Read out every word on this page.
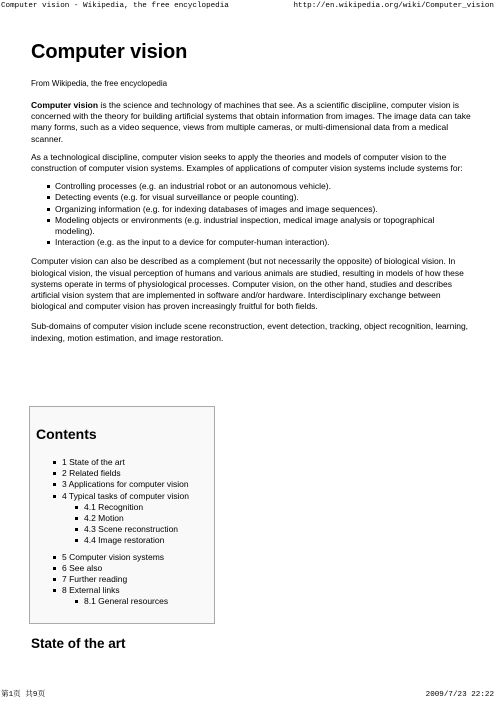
Computer vision - Wikipedia, the free encyclopedia	http://en.wikipedia.org/wiki/Computer_vision
Computer vision
From Wikipedia, the free encyclopedia

Computer vision is the science and technology of machines that see. As a scientific discipline, computer vision is concerned with the theory for building artificial systems that obtain information from images. The image data can take many forms, such as a video sequence, views from multiple cameras, or multi-dimensional data from a medical scanner.

As a technological discipline, computer vision seeks to apply the theories and models of computer vision to the construction of computer vision systems. Examples of applications of computer vision systems include systems for:

Controlling processes (e.g. an industrial robot or an autonomous vehicle).
Detecting events (e.g. for visual surveillance or people counting).
Organizing information (e.g. for indexing databases of images and image sequences).
Modeling objects or environments (e.g. industrial inspection, medical image analysis or topographical modeling).
Interaction (e.g. as the input to a device for computer-human interaction).

Computer vision can also be described as a complement (but not necessarily the opposite) of biological vision. In biological vision, the visual perception of humans and various animals are studied, resulting in models of how these systems operate in terms of physiological processes. Computer vision, on the other hand, studies and describes artificial vision system that are implemented in software and/or hardware. Interdisciplinary exchange between biological and computer vision has proven increasingly fruitful for both fields.

Sub-domains of computer vision include scene reconstruction, event detection, tracking, object recognition, learning, indexing, motion estimation, and image restoration.

Contents
1 State of the art
2 Related fields
3 Applications for computer vision
4 Typical tasks of computer vision
4.1 Recognition
4.2 Motion
4.3 Scene reconstruction
4.4 Image restoration
5 Computer vision systems
6 See also
7 Further reading
8 External links
8.1 General resources
State of the art
第1页 共9页	2009/7/23 22:22
